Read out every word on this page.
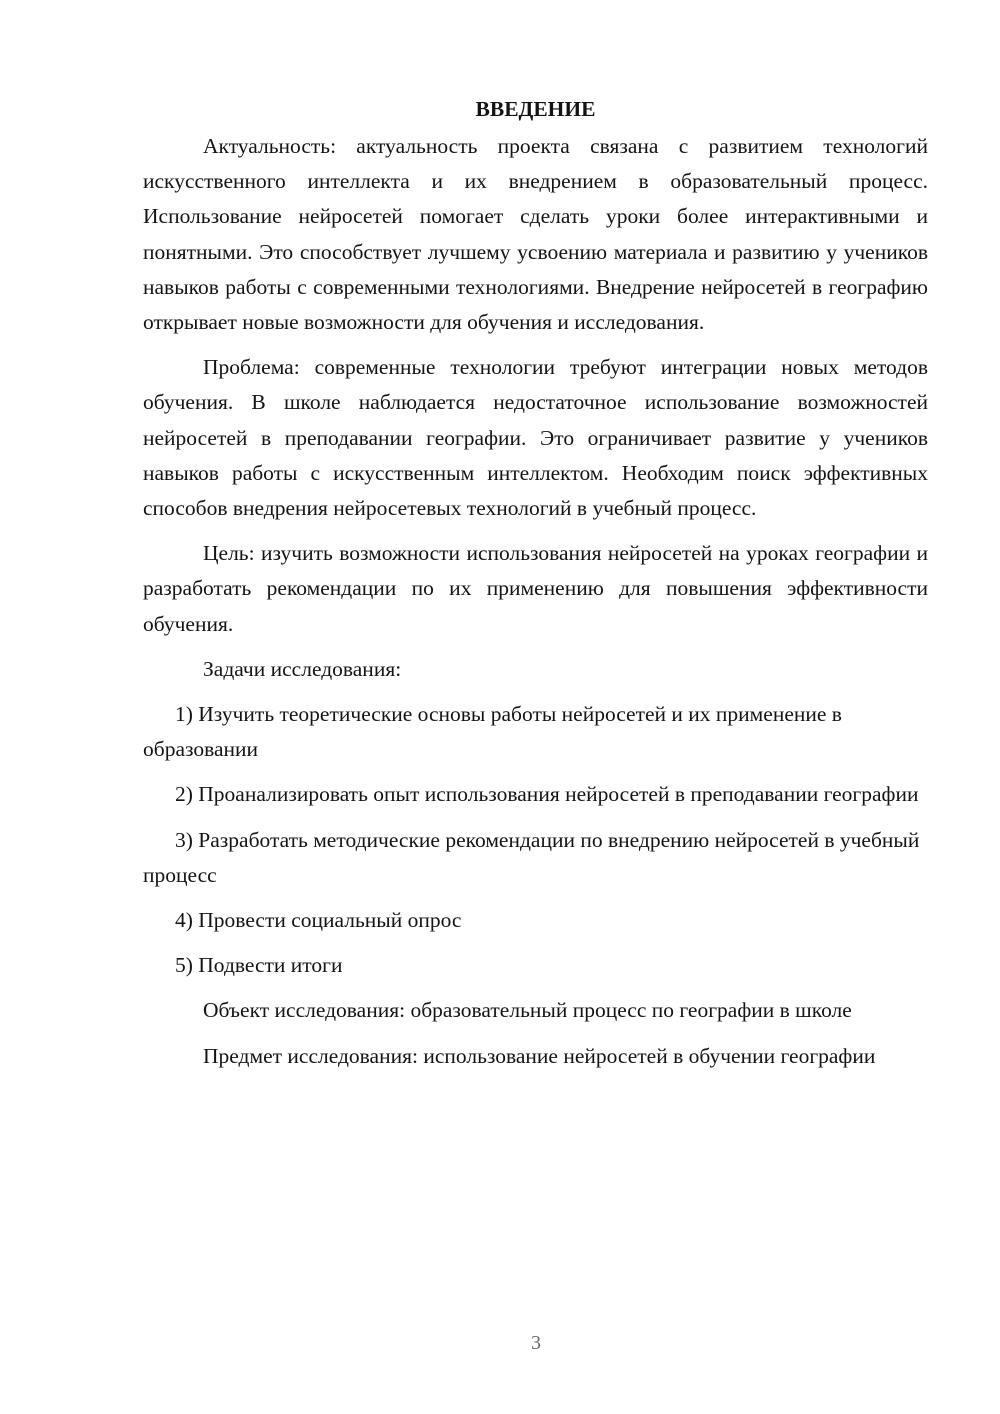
ВВЕДЕНИЕ

Актуальность: актуальность проекта связана с развитием технологий искусственного интеллекта и их внедрением в образовательный процесс. Использование нейросетей помогает сделать уроки более интерактивными и понятными. Это способствует лучшему усвоению материала и развитию у учеников навыков работы с современными технологиями. Внедрение нейросетей в географию открывает новые возможности для обучения и исследования.

Проблема: современные технологии требуют интеграции новых методов обучения. В школе наблюдается недостаточное использование возможностей нейросетей в преподавании географии. Это ограничивает развитие у учеников навыков работы с искусственным интеллектом. Необходим поиск эффективных способов внедрения нейросетевых технологий в учебный процесс.

Цель: изучить возможности использования нейросетей на уроках географии и разработать рекомендации по их применению для повышения эффективности обучения.

Задачи исследования:

1) Изучить теоретические основы работы нейросетей и их применение в образовании

2) Проанализировать опыт использования нейросетей в преподавании географии

3) Разработать методические рекомендации по внедрению нейросетей в учебный процесс

4) Провести социальный опрос

5) Подвести итоги

Объект исследования: образовательный процесс по географии в школе

Предмет исследования: использование нейросетей в обучении географии

3
